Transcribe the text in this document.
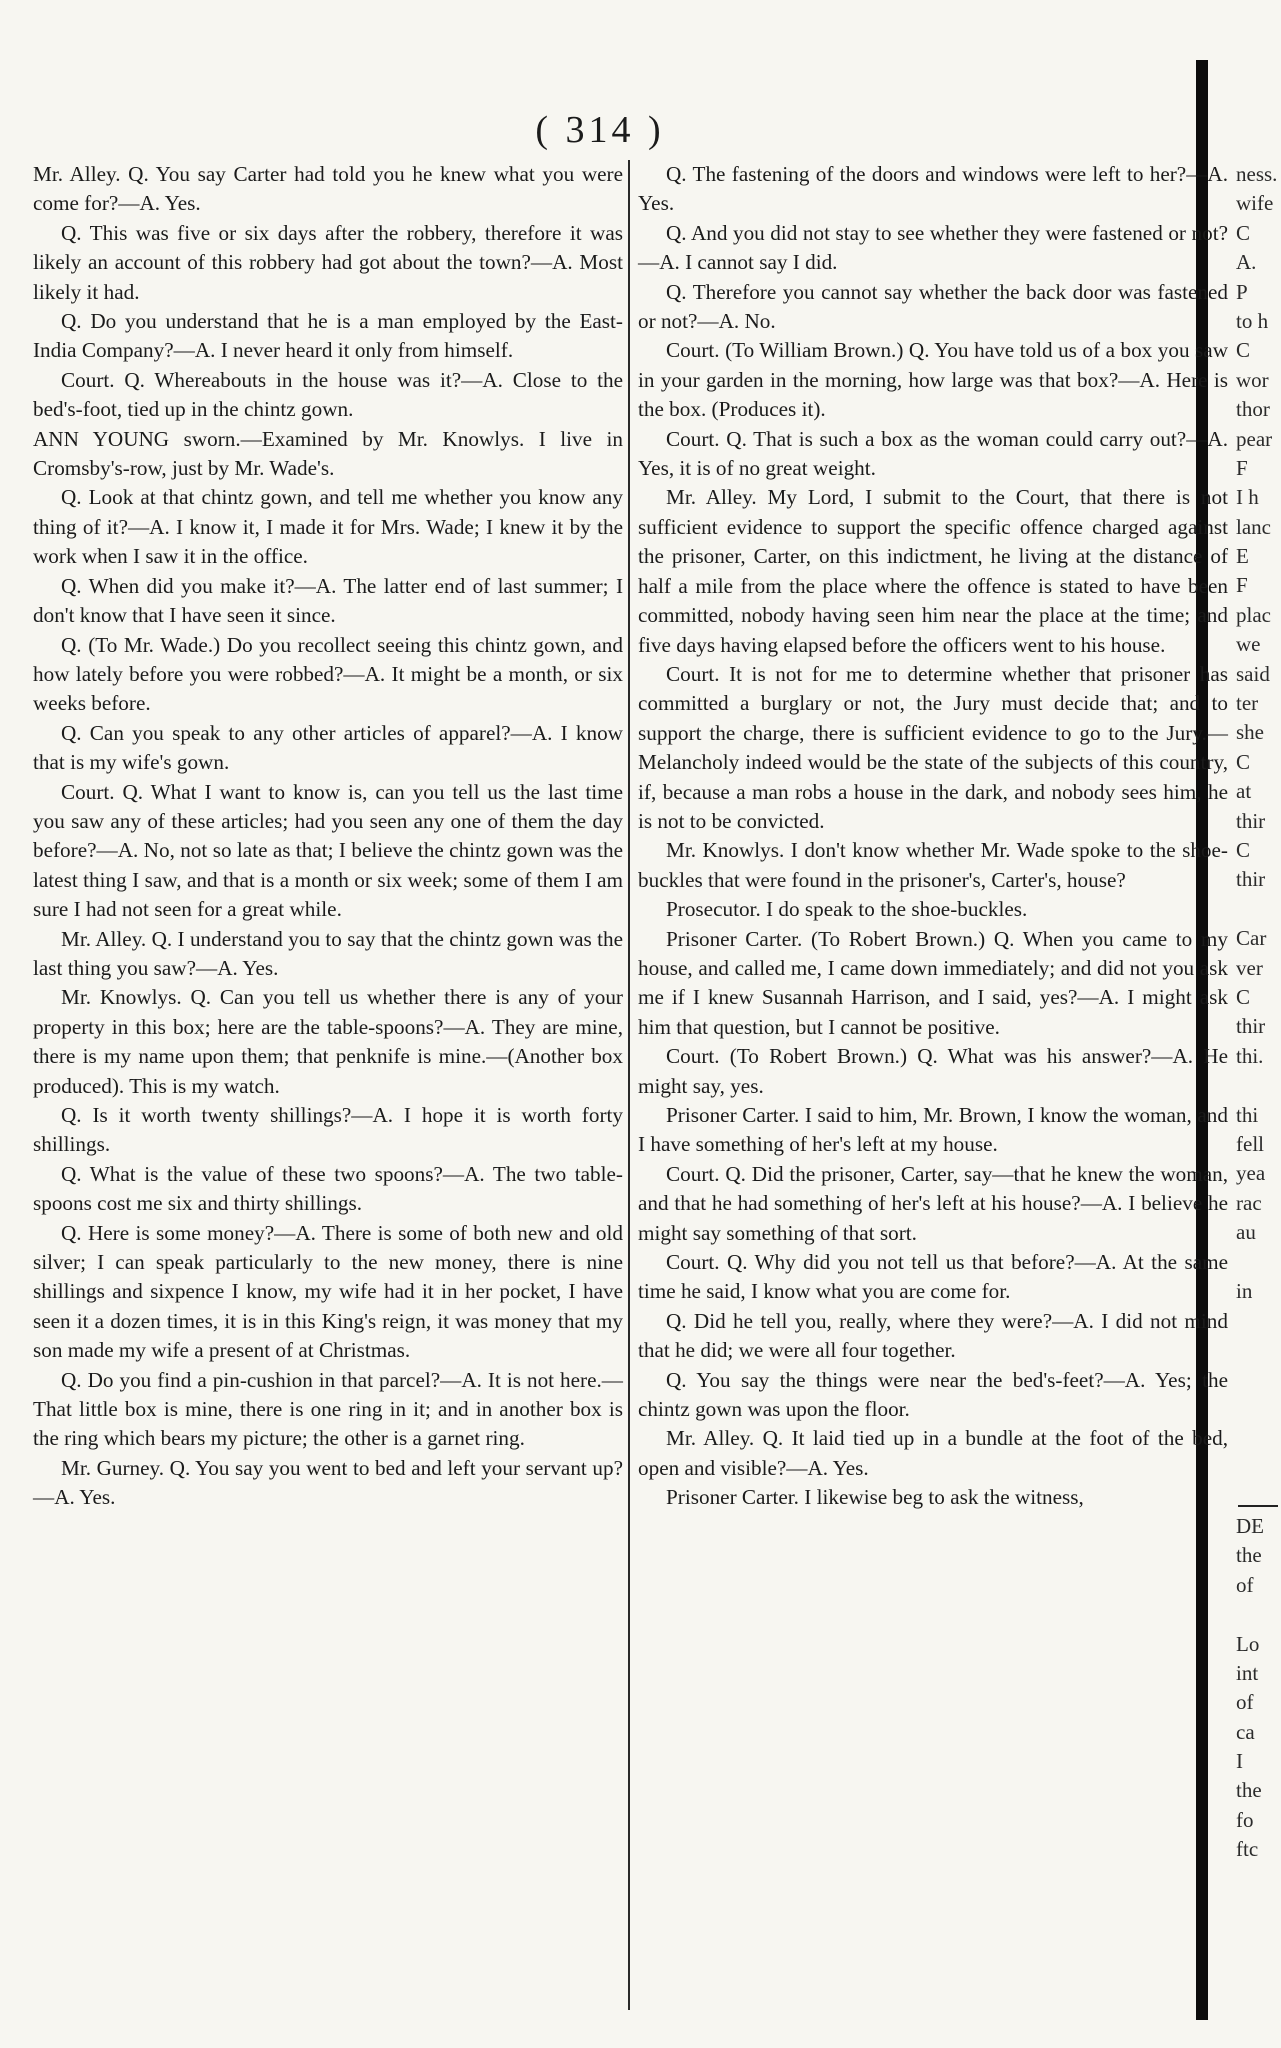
( 314 )

Mr. Alley. Q. You say Carter had told you he knew what you were come for?—A. Yes.

Q. This was five or six days after the robbery, therefore it was likely an account of this robbery had got about the town?—A. Most likely it had.

Q. Do you understand that he is a man employed by the East-India Company?—A. I never heard it only from himself.

Court. Q. Whereabouts in the house was it?—A. Close to the bed's-foot, tied up in the chintz gown.

ANN YOUNG sworn.—Examined by Mr. Knowlys. I live in Cromsby's-row, just by Mr. Wade's.

Q. Look at that chintz gown, and tell me whether you know any thing of it?—A. I know it, I made it for Mrs. Wade; I knew it by the work when I saw it in the office.

Q. When did you make it?—A. The latter end of last summer; I don't know that I have seen it since.

Q. (To Mr. Wade.) Do you recollect seeing this chintz gown, and how lately before you were robbed?—A. It might be a month, or six weeks before.

Q. Can you speak to any other articles of apparel?—A. I know that is my wife's gown.

Court. Q. What I want to know is, can you tell us the last time you saw any of these articles; had you seen any one of them the day before?—A. No, not so late as that; I believe the chintz gown was the latest thing I saw, and that is a month or six week; some of them I am sure I had not seen for a great while.

Mr. Alley. Q. I understand you to say that the chintz gown was the last thing you saw?—A. Yes.

Mr. Knowlys. Q. Can you tell us whether there is any of your property in this box; here are the table-spoons?—A. They are mine, there is my name upon them; that penknife is mine.—(Another box produced). This is my watch.

Q. Is it worth twenty shillings?—A. I hope it is worth forty shillings.

Q. What is the value of these two spoons?—A. The two table-spoons cost me six and thirty shillings.

Q. Here is some money?—A. There is some of both new and old silver; I can speak particularly to the new money, there is nine shillings and sixpence I know, my wife had it in her pocket, I have seen it a dozen times, it is in this King's reign, it was money that my son made my wife a present of at Christmas.

Q. Do you find a pin-cushion in that parcel?—A. It is not here.—That little box is mine, there is one ring in it; and in another box is the ring which bears my picture; the other is a garnet ring.

Mr. Gurney. Q. You say you went to bed and left your servant up?—A. Yes.

Q. The fastening of the doors and windows were left to her?—A. Yes.

Q. And you did not stay to see whether they were fastened or not?—A. I cannot say I did.

Q. Therefore you cannot say whether the back door was fastened or not?—A. No.

Court. (To William Brown.) Q. You have told us of a box you saw in your garden in the morning, how large was that box?—A. Here is the box. (Produces it).

Court. Q. That is such a box as the woman could carry out?—A. Yes, it is of no great weight.

Mr. Alley. My Lord, I submit to the Court, that there is not sufficient evidence to support the specific offence charged against the prisoner, Carter, on this indictment, he living at the distance of half a mile from the place where the offence is stated to have been committed, nobody having seen him near the place at the time; and five days having elapsed before the officers went to his house.

Court. It is not for me to determine whether that prisoner has committed a burglary or not, the Jury must decide that; and to support the charge, there is sufficient evidence to go to the Jury.—Melancholy indeed would be the state of the subjects of this country, if, because a man robs a house in the dark, and nobody sees him, he is not to be convicted.

Mr. Knowlys. I don't know whether Mr. Wade spoke to the shoe-buckles that were found in the prisoner's, Carter's, house?

Prosecutor. I do speak to the shoe-buckles.

Prisoner Carter. (To Robert Brown.) Q. When you came to my house, and called me, I came down immediately; and did not you ask me if I knew Susannah Harrison, and I said, yes?—A. I might ask him that question, but I cannot be positive.

Court. (To Robert Brown.) Q. What was his answer?—A. He might say, yes.

Prisoner Carter. I said to him, Mr. Brown, I know the woman, and I have something of her's left at my house.

Court. Q. Did the prisoner, Carter, say—that he knew the woman, and that he had something of her's left at his house?—A. I believe he might say something of that sort.

Court. Q. Why did you not tell us that before?—A. At the same time he said, I know what you are come for.

Q. Did he tell you, really, where they were?—A. I did not mind that he did; we were all four together.

Q. You say the things were near the bed's-feet?—A. Yes; the chintz gown was upon the floor.

Mr. Alley. Q. It laid tied up in a bundle at the foot of the bed, open and visible?—A. Yes.

Prisoner Carter. I likewise beg to ask the witness,

ness.
wife
C
A.
P
to h
C
wor
thor
pear
F
I h
lanc
E
F
plac
we
said
ter
she
C
at
thir
C
thir
Car
ver
C
thir
thi.
thi
fell
yea
rac
au
in
DE
the
of
Lo
int
of
ca
I
the
fo
ftc
